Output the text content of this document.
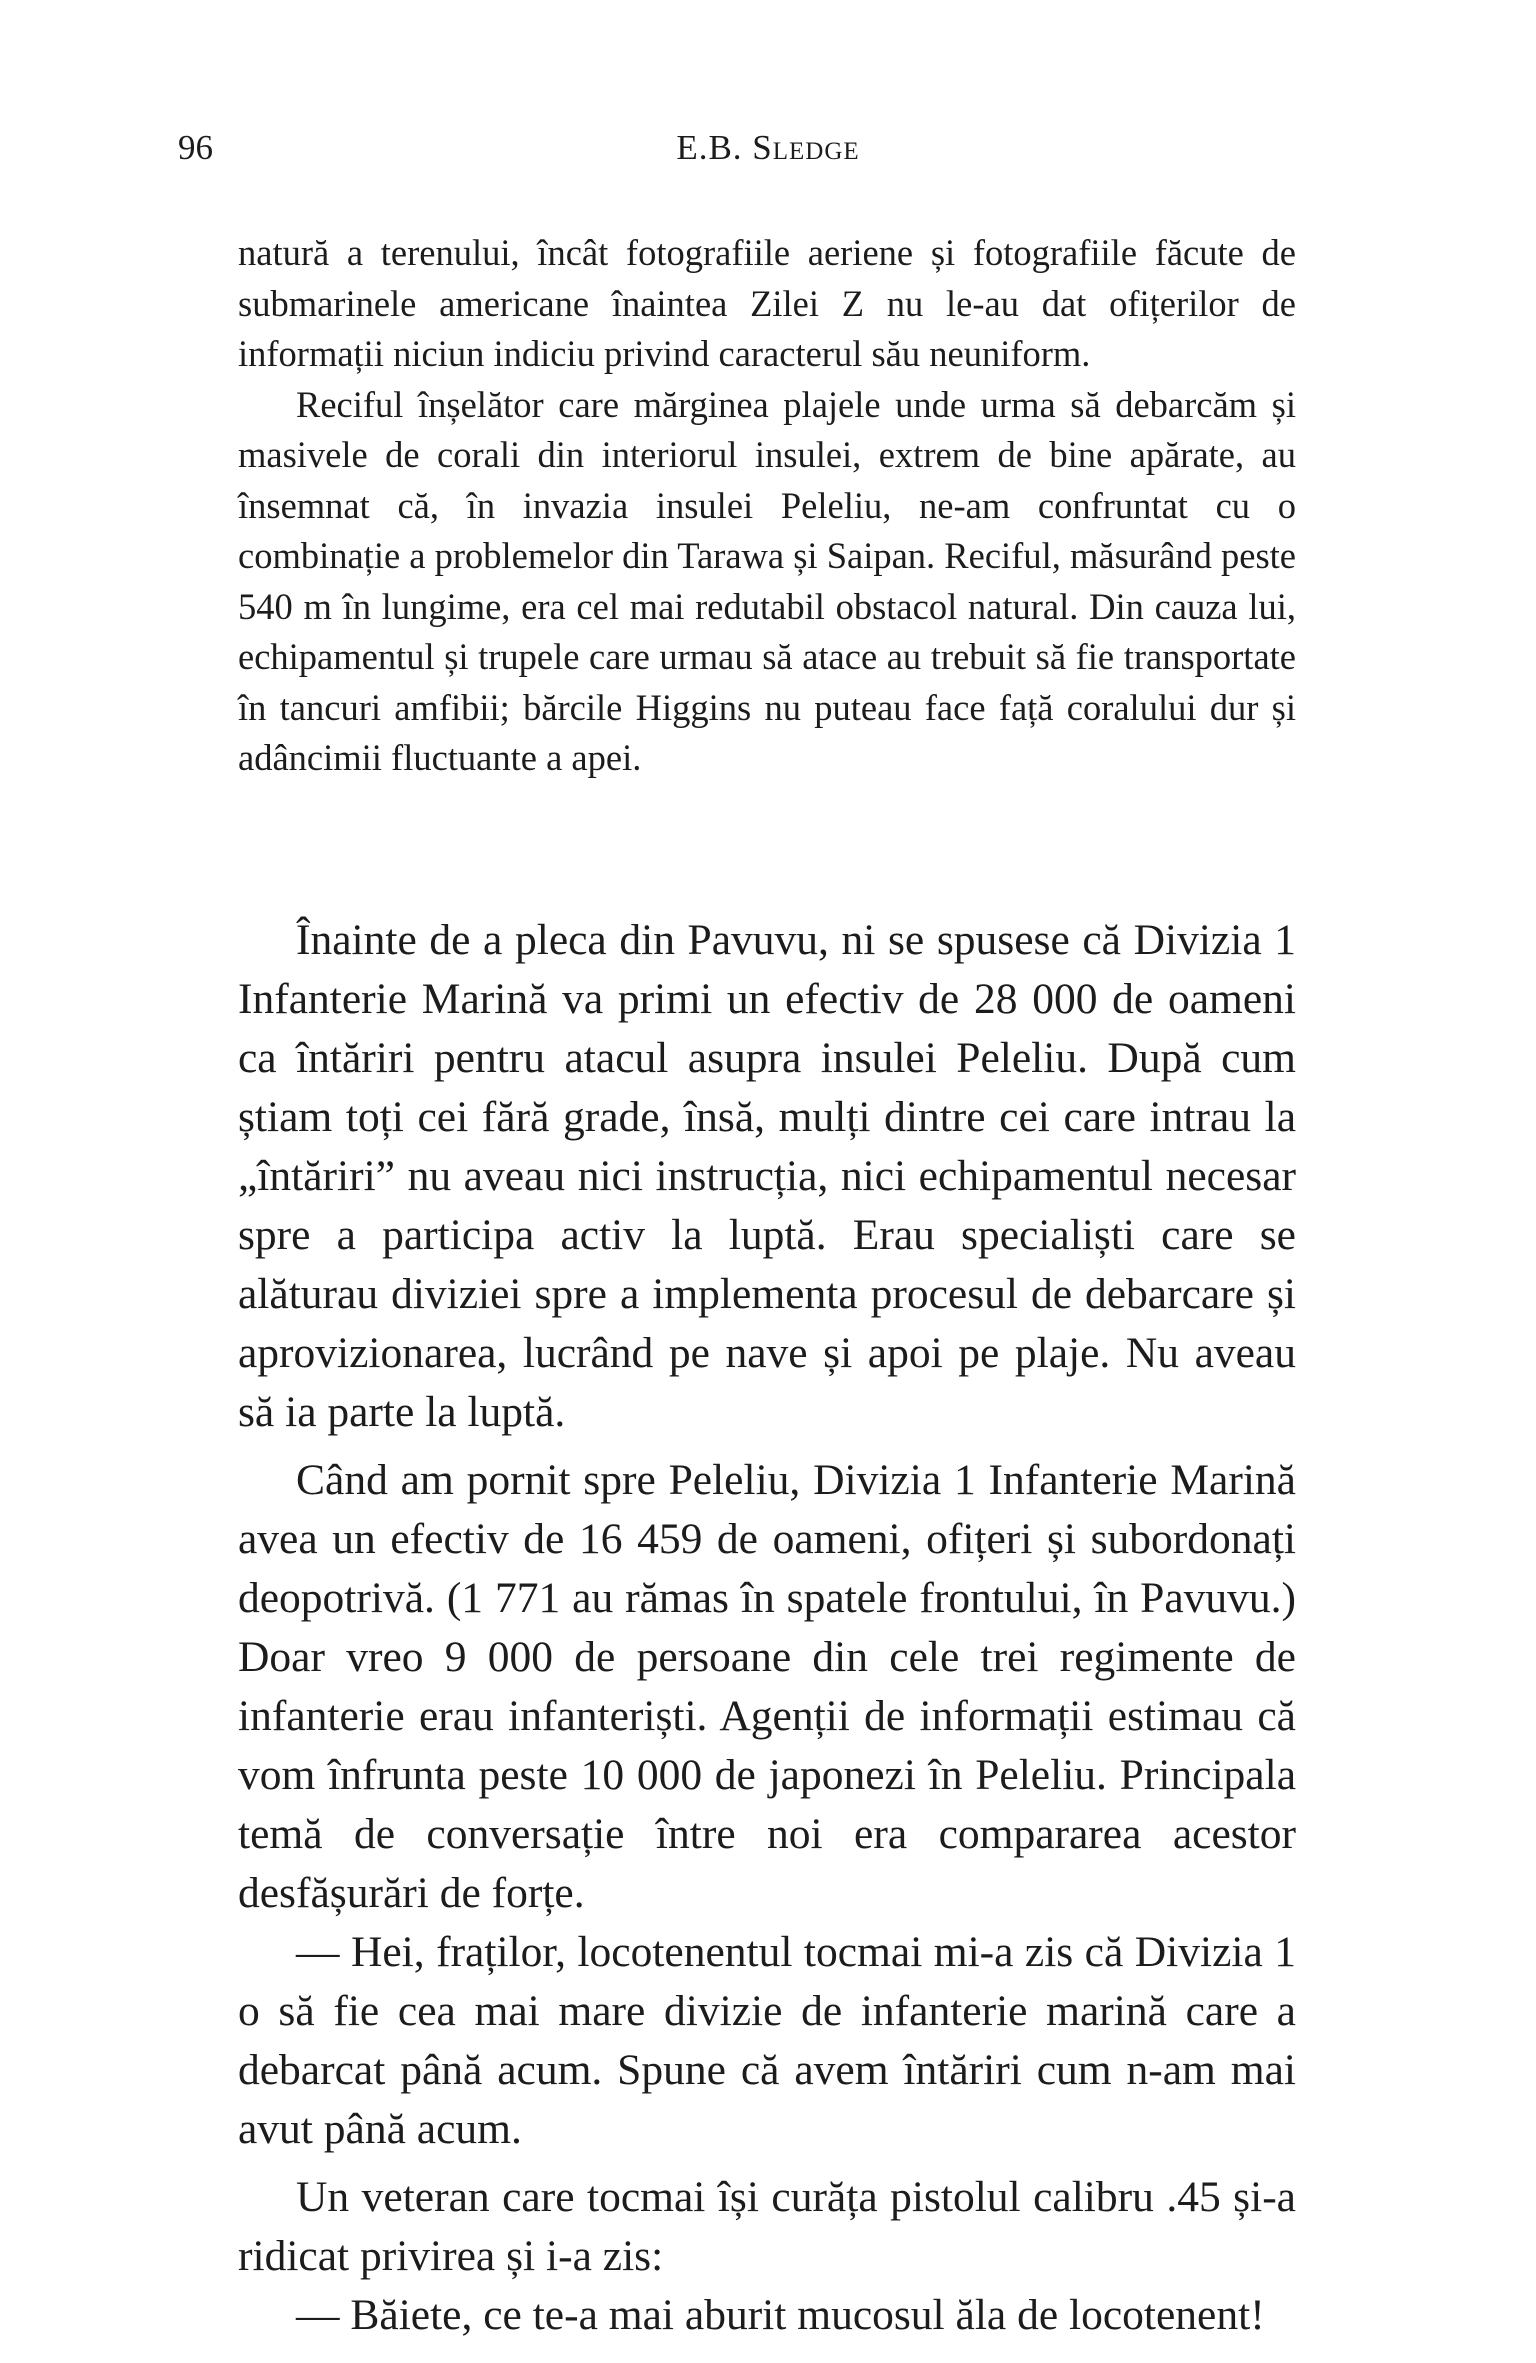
96	E.B. Sledge

natură a terenului, încât fotografiile aeriene și fotografiile făcute de submarinele americane înaintea Zilei Z nu le-au dat ofițerilor de informații niciun indiciu privind caracterul său neuniform.

Reciful înșelător care mărginea plajele unde urma să debarcăm și masivele de corali din interiorul insulei, extrem de bine apărate, au însemnat că, în invazia insulei Peleliu, ne-am confruntat cu o combinație a problemelor din Tarawa și Saipan. Reciful, măsurând peste 540 m în lungime, era cel mai redutabil obstacol natural. Din cauza lui, echipamentul și trupele care urmau să atace au trebuit să fie transportate în tancuri amfibii; bărcile Higgins nu puteau face față coralului dur și adâncimii fluctuante a apei.

Înainte de a pleca din Pavuvu, ni se spusese că Divizia 1 Infanterie Marină va primi un efectiv de 28 000 de oameni ca întăriri pentru atacul asupra insulei Peleliu. După cum știam toți cei fără grade, însă, mulți dintre cei care intrau la „întăriri” nu aveau nici instrucția, nici echipamentul necesar spre a participa activ la luptă. Erau specialiști care se alăturau diviziei spre a implementa procesul de debarcare și aprovizionarea, lucrând pe nave și apoi pe plaje. Nu aveau să ia parte la luptă.

Când am pornit spre Peleliu, Divizia 1 Infanterie Marină avea un efectiv de 16 459 de oameni, ofițeri și subordonați deopotrivă. (1 771 au rămas în spatele frontului, în Pavuvu.) Doar vreo 9 000 de persoane din cele trei regimente de infanterie erau infanteriști. Agenții de informații estimau că vom înfrunta peste 10 000 de japonezi în Peleliu. Principala temă de conversație între noi era compararea acestor desfășurări de forțe.

— Hei, fraților, locotenentul tocmai mi-a zis că Divizia 1 o să fie cea mai mare divizie de infanterie marină care a debarcat până acum. Spune că avem întăriri cum n-am mai avut până acum.

Un veteran care tocmai își curăța pistolul calibru .45 și-a ridicat privirea și i-a zis:

— Băiete, ce te-a mai aburit mucosul ăla de locotenent!
